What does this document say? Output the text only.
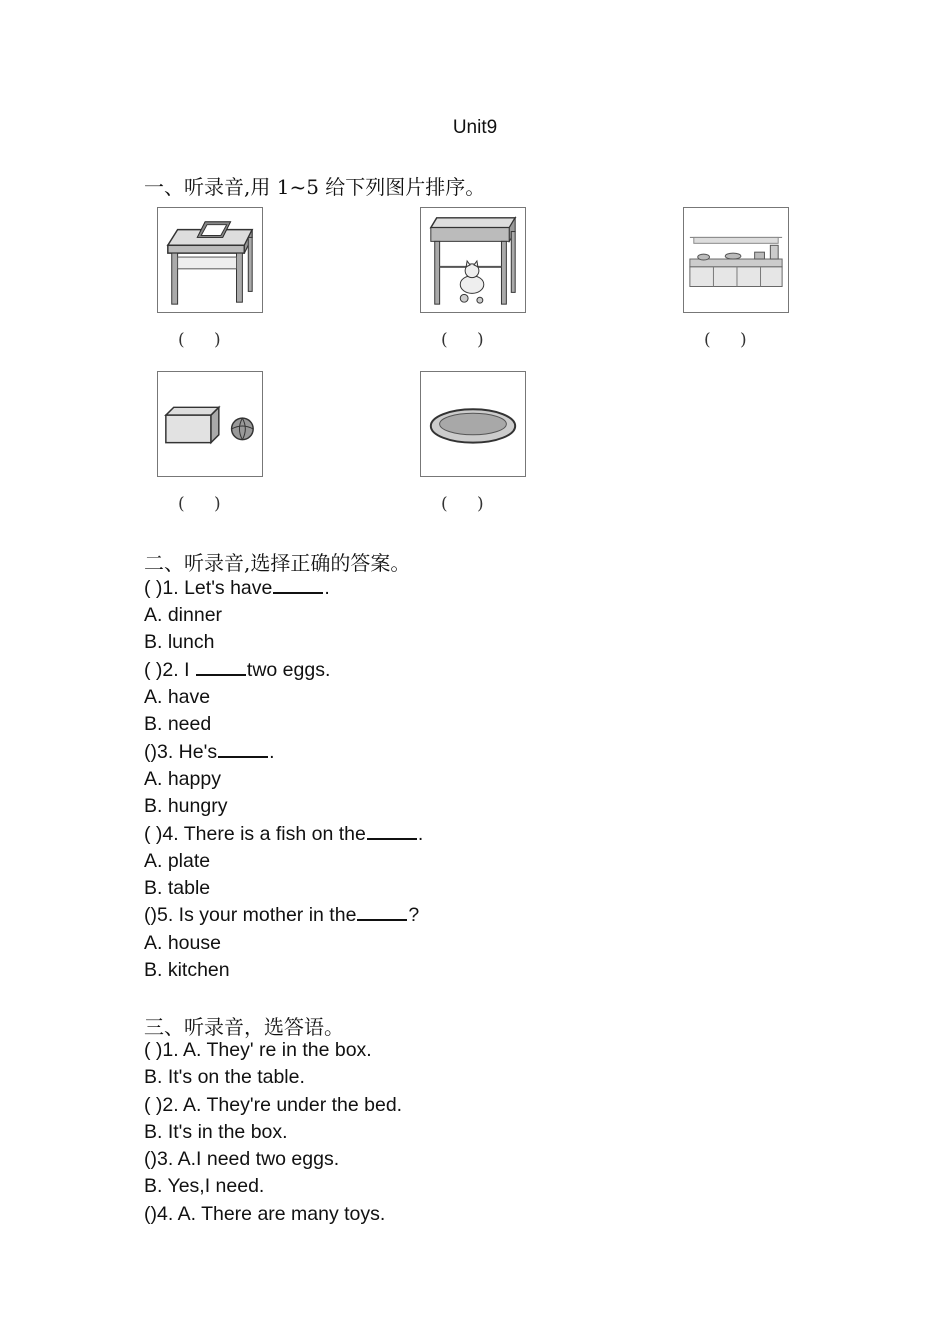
Unit9
一、听录音,用 1~5 给下列图片排序。
( )	( )	( )
( )	( )
二、听录音,选择正确的答案。
( )1. Let's have	.
A. dinner
B. lunch
( )2. I	two eggs.
A. have
B. need
()3. He's	.
A. happy
B. hungry
( )4. There is a fish on the	.
A. plate
B. table
()5. Is your mother in the	?
A. house
B. kitchen
三、听录音，选答语。
( )1. A. They' re in the box.
B. It's on the table.
( )2. A. They're under the bed.
B. It's in the box.
()3. A.I need two eggs.
B. Yes,I need.
()4. A. There are many toys.
